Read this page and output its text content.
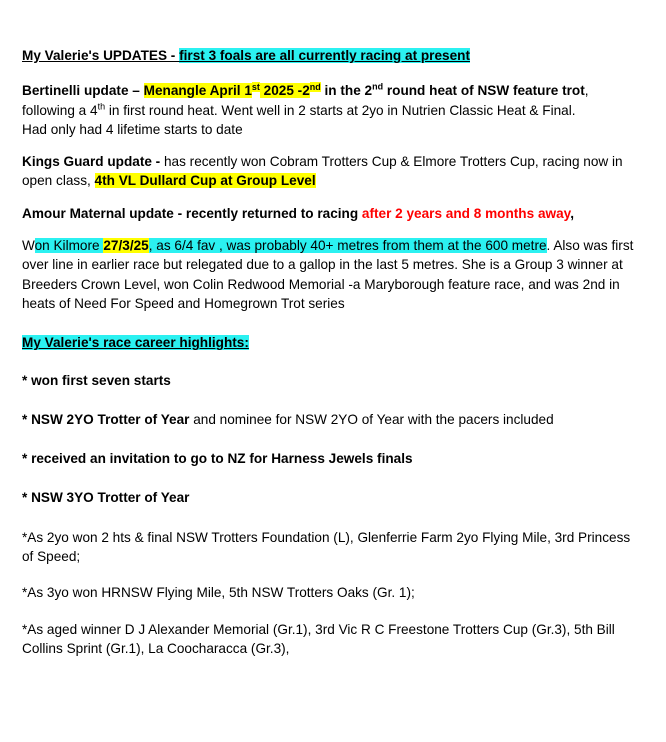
My Valerie's UPDATES - first 3 foals are all currently racing at present
Bertinelli update – Menangle April 1st 2025 -2nd in the 2nd round heat of NSW feature trot,
following a 4th in first round heat. Went well in 2 starts at 2yo in Nutrien Classic Heat & Final.
Had only had 4 lifetime starts to date
Kings Guard update - has recently won Cobram Trotters Cup & Elmore Trotters Cup, racing now in open class, 4th VL Dullard Cup at Group Level
Amour Maternal update - recently returned to racing after 2 years and 8 months away,
Won Kilmore 27/3/25, as 6/4 fav , was probably 40+ metres from them at the 600 metre. Also was first over line in earlier race but relegated due to a gallop in the last 5 metres. She is a Group 3 winner at Breeders Crown Level, won Colin Redwood Memorial -a Maryborough feature race, and was 2nd in heats of Need For Speed and Homegrown Trot series
My Valerie's race career highlights:
* won first seven starts
* NSW 2YO Trotter of Year and nominee for NSW 2YO of Year with the pacers included
* received an invitation to go to NZ for Harness Jewels finals
* NSW 3YO Trotter of Year
*As 2yo won 2 hts & final NSW Trotters Foundation (L), Glenferrie Farm 2yo Flying Mile, 3rd Princess of Speed;
*As 3yo won HRNSW Flying Mile, 5th NSW Trotters Oaks (Gr. 1);
*As aged winner D J Alexander Memorial (Gr.1), 3rd Vic R C Freestone Trotters Cup (Gr.3), 5th Bill Collins Sprint (Gr.1), La Coocharacca (Gr.3),
